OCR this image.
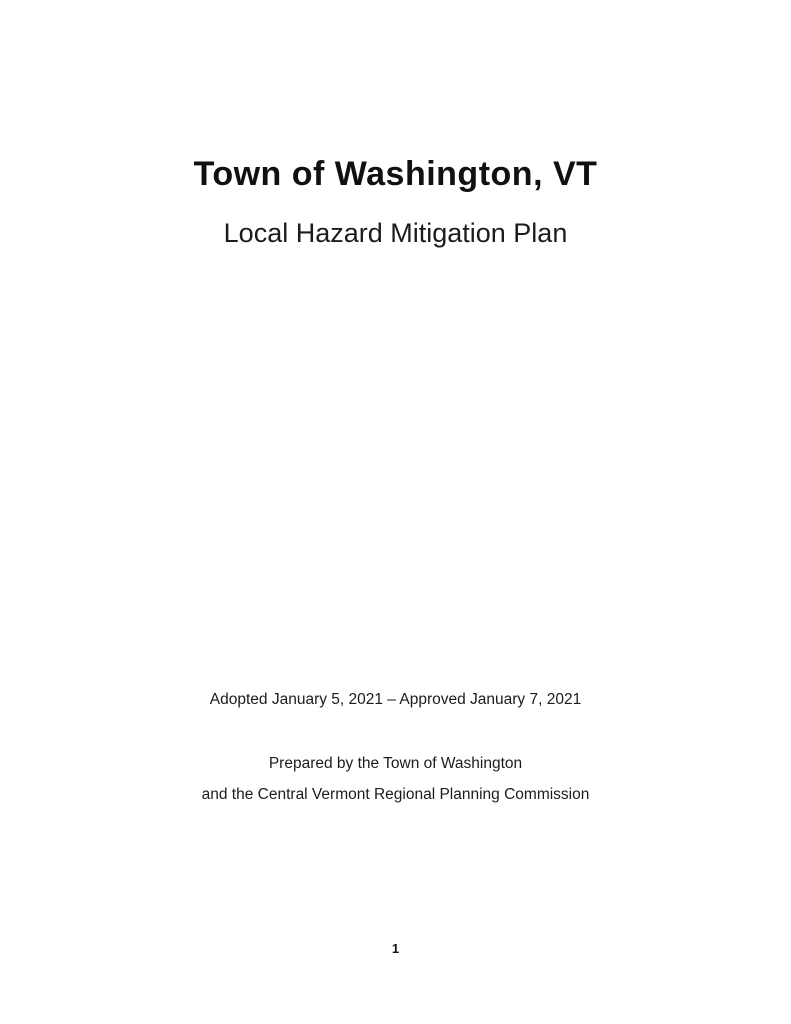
Town of Washington, VT
Local Hazard Mitigation Plan
Adopted January 5, 2021 – Approved January 7, 2021
Prepared by the Town of Washington
and the Central Vermont Regional Planning Commission
1
